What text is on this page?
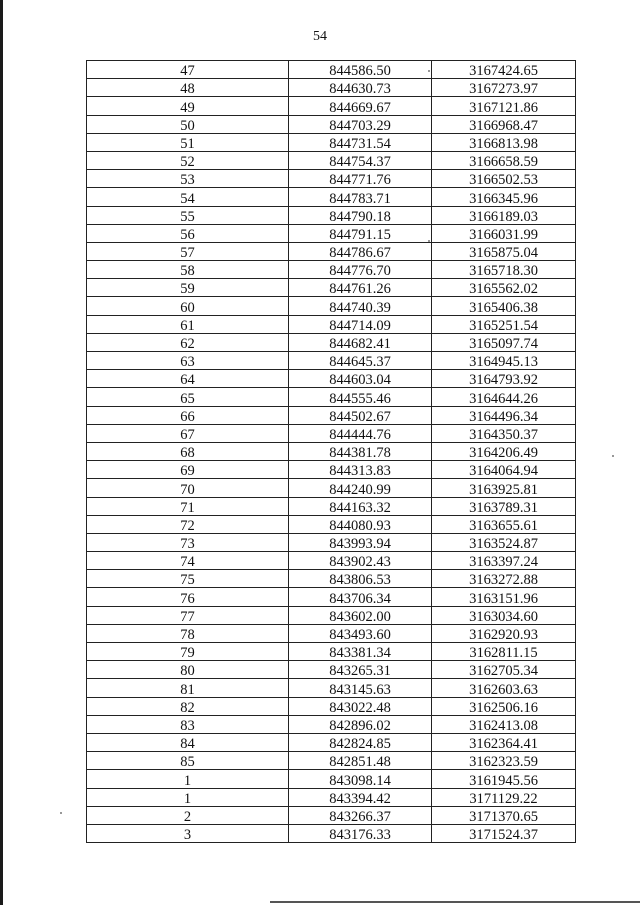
54
47	844586.50	3167424.65
48	844630.73	3167273.97
49	844669.67	3167121.86
50	844703.29	3166968.47
51	844731.54	3166813.98
52	844754.37	3166658.59
53	844771.76	3166502.53
54	844783.71	3166345.96
55	844790.18	3166189.03
56	844791.15	3166031.99
57	844786.67	3165875.04
58	844776.70	3165718.30
59	844761.26	3165562.02
60	844740.39	3165406.38
61	844714.09	3165251.54
62	844682.41	3165097.74
63	844645.37	3164945.13
64	844603.04	3164793.92
65	844555.46	3164644.26
66	844502.67	3164496.34
67	844444.76	3164350.37
68	844381.78	3164206.49
69	844313.83	3164064.94
70	844240.99	3163925.81
71	844163.32	3163789.31
72	844080.93	3163655.61
73	843993.94	3163524.87
74	843902.43	3163397.24
75	843806.53	3163272.88
76	843706.34	3163151.96
77	843602.00	3163034.60
78	843493.60	3162920.93
79	843381.34	3162811.15
80	843265.31	3162705.34
81	843145.63	3162603.63
82	843022.48	3162506.16
83	842896.02	3162413.08
84	842824.85	3162364.41
85	842851.48	3162323.59
1	843098.14	3161945.56
1	843394.42	3171129.22
2	843266.37	3171370.65
3	843176.33	3171524.37
